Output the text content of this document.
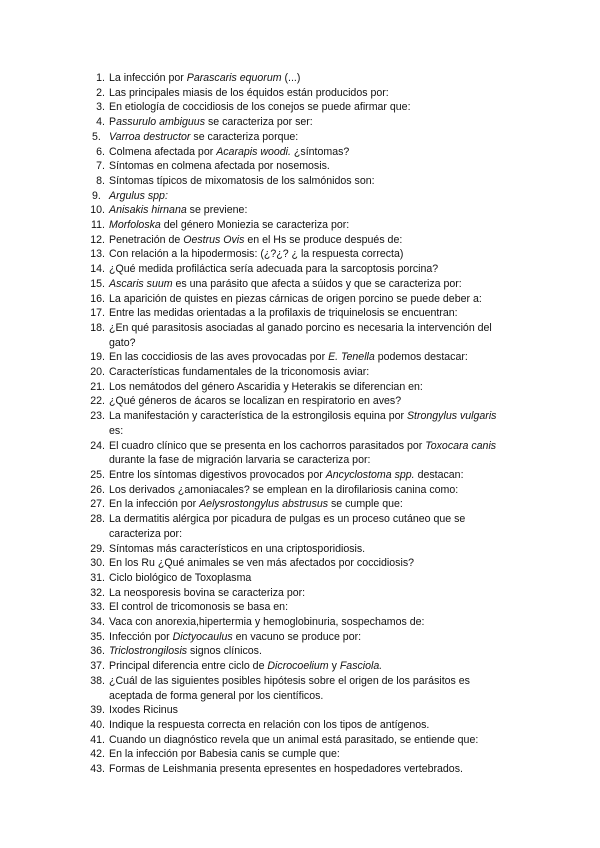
1. La infección por Parascaris equorum (...)
2. Las principales miasis de los équidos están producidos por:
3. En etiología de coccidiosis de los conejos se puede afirmar que:
4. Passurulo ambiguus se caracteriza por ser:
5. Varroa destructor se caracteriza porque:
6. Colmena afectada por Acarapis woodi. ¿síntomas?
7. Síntomas en colmena afectada por nosemosis.
8. Síntomas típicos de mixomatosis de los salmónidos son:
9. Argulus spp:
10. Anisakis hirnana se previene:
11. Morfoloska del género Moniezia se caracteriza por:
12. Penetración de Oestrus Ovis en el Hs se produce después de:
13. Con relación a la hipodermosis: (¿?¿? ¿ la respuesta correcta)
14. ¿Qué medida profiláctica sería adecuada para la sarcoptosis porcina?
15. Ascaris suum es una parásito que afecta a súidos y que se caracteriza por:
16. La aparición de quistes en piezas cárnicas de origen porcino se puede deber a:
17. Entre las medidas orientadas a la profilaxis de triquinelosis se encuentran:
18. ¿En qué parasitosis asociadas al ganado porcino es necesaria la intervención del gato?
19. En las coccidiosis de las aves provocadas por E. Tenella podemos destacar:
20. Características fundamentales de la triconomosis aviar:
21. Los nemátodos del género Ascaridia y Heterakis se diferencian en:
22. ¿Qué géneros de ácaros se localizan en respiratorio en aves?
23. La manifestación y característica de la estrongilosis equina por Strongylus vulgaris es:
24. El cuadro clínico que se presenta en los cachorros parasitados por Toxocara canis durante la fase de migración larvaria se caracteriza por:
25. Entre los síntomas digestivos provocados por Ancyclostoma spp. destacan:
26. Los derivados ¿amoniacales? se emplean en la dirofilariosis canina como:
27. En la infección por Aelysrostongylus abstrusus se cumple que:
28. La dermatitis alérgica por picadura de pulgas es un proceso cutáneo que se caracteriza por:
29. Síntomas más característicos en una criptosporidiosis.
30. En los Ru ¿Qué animales se ven más afectados por coccidiosis?
31. Ciclo biológico de Toxoplasma
32. La neosporesis bovina se caracteriza por:
33. El control de tricomonosis se basa en:
34. Vaca con anorexia,hipertermia y hemoglobinuria, sospechamos de:
35. Infección por Dictyocaulus en vacuno se produce por:
36. Triclostrongilosis signos clínicos.
37. Principal diferencia entre ciclo de Dicrocoelium y Fasciola.
38. ¿Cuál de las siguientes posibles hipótesis sobre el origen de los parásitos es aceptada de forma general por los científicos.
39. Ixodes Ricinus
40. Indique la respuesta correcta en relación con los tipos de antígenos.
41. Cuando un diagnóstico revela que un animal está parasitado, se entiende que:
42. En la infección por Babesia canis se cumple que:
43. Formas de Leishmania presenta epresentes en hospedadores vertebrados.
